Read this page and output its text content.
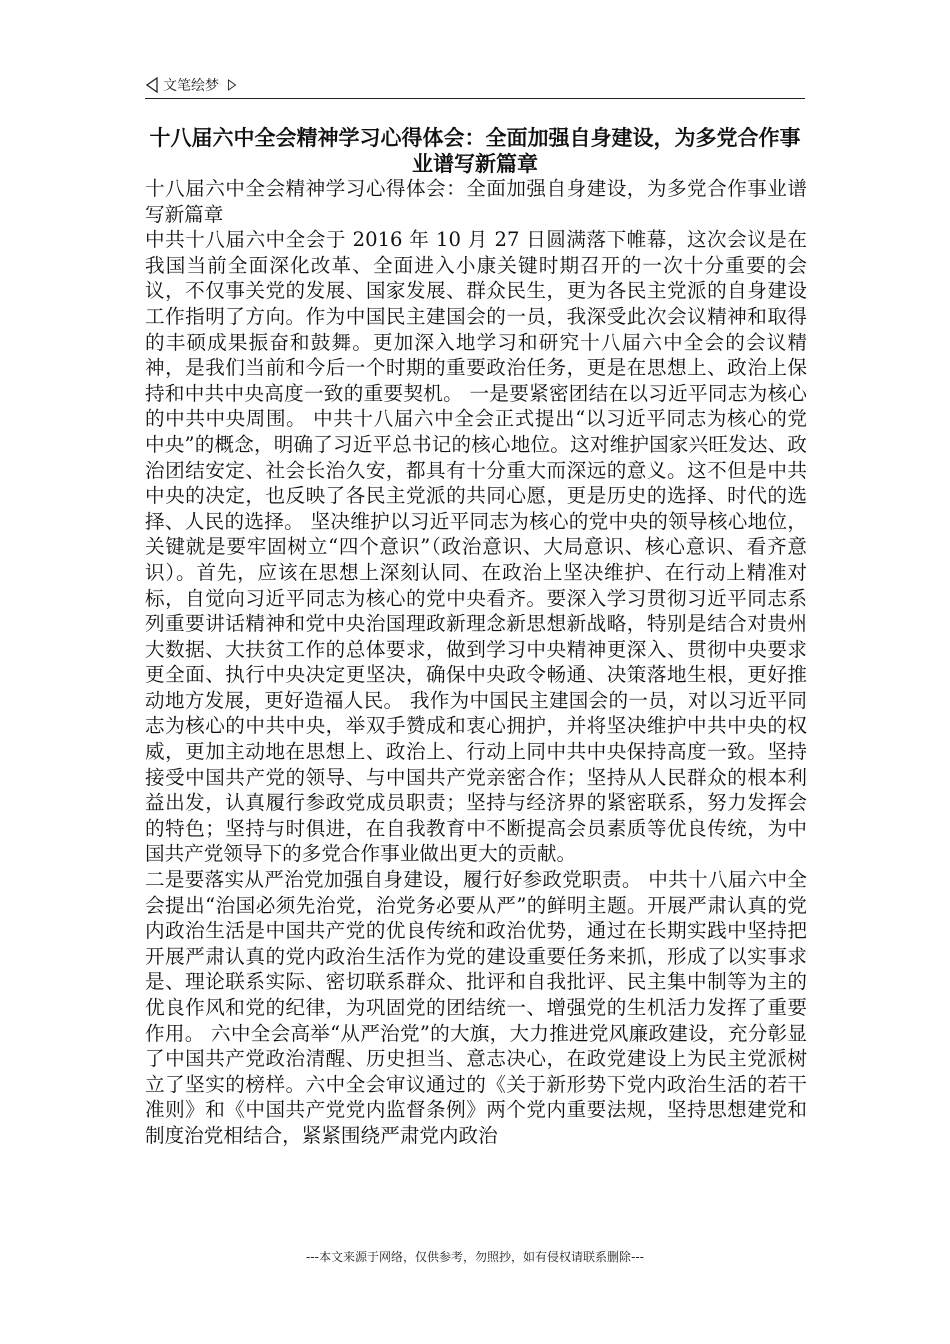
文笔绘梦
十八届六中全会精神学习心得体会：全面加强自身建设，为多党合作事业谱写新篇章

十八届六中全会精神学习心得体会：全面加强自身建设，为多党合作事业谱写新篇章

中共十八届六中全会于 2016 年 10 月 27 日圆满落下帷幕，这次会议是在我国当前全面深化改革、全面进入小康关键时期召开的一次十分重要的会议，不仅事关党的发展、国家发展、群众民生，更为各民主党派的自身建设工作指明了方向。作为中国民主建国会的一员，我深受此次会议精神和取得的丰硕成果振奋和鼓舞。更加深入地学习和研究十八届六中全会的会议精神，是我们当前和今后一个时期的重要政治任务，更是在思想上、政治上保持和中共中央高度一致的重要契机。 一是要紧密团结在以习近平同志为核心的中共中央周围。 中共十八届六中全会正式提出“以习近平同志为核心的党中央”的概念，明确了习近平总书记的核心地位。这对维护国家兴旺发达、政治团结安定、社会长治久安，都具有十分重大而深远的意义。这不但是中共中央的决定，也反映了各民主党派的共同心愿，更是历史的选择、时代的选择、人民的选择。 坚决维护以习近平同志为核心的党中央的领导核心地位，关键就是要牢固树立“四个意识”（政治意识、大局意识、核心意识、看齐意识）。首先，应该在思想上深刻认同、在政治上坚决维护、在行动上精准对标，自觉向习近平同志为核心的党中央看齐。要深入学习贯彻习近平同志系列重要讲话精神和党中央治国理政新理念新思想新战略，特别是结合对贵州大数据、大扶贫工作的总体要求，做到学习中央精神更深入、贯彻中央要求更全面、执行中央决定更坚决，确保中央政令畅通、决策落地生根，更好推动地方发展，更好造福人民。 我作为中国民主建国会的一员，对以习近平同志为核心的中共中央，举双手赞成和衷心拥护，并将坚决维护中共中央的权威，更加主动地在思想上、政治上、行动上同中共中央保持高度一致。坚持接受中国共产党的领导、与中国共产党亲密合作；坚持从人民群众的根本利益出发，认真履行参政党成员职责；坚持与经济界的紧密联系，努力发挥会的特色；坚持与时俱进，在自我教育中不断提高会员素质等优良传统，为中国共产党领导下的多党合作事业做出更大的贡献。

二是要落实从严治党加强自身建设，履行好参政党职责。 中共十八届六中全会提出“治国必须先治党，治党务必要从严”的鲜明主题。开展严肃认真的党内政治生活是中国共产党的优良传统和政治优势，通过在长期实践中坚持把开展严肃认真的党内政治生活作为党的建设重要任务来抓，形成了以实事求是、理论联系实际、密切联系群众、批评和自我批评、民主集中制等为主的优良作风和党的纪律，为巩固党的团结统一、增强党的生机活力发挥了重要作用。 六中全会高举“从严治党”的大旗，大力推进党风廉政建设，充分彰显了中国共产党政治清醒、历史担当、意志决心，在政党建设上为民主党派树立了坚实的榜样。六中全会审议通过的《关于新形势下党内政治生活的若干准则》和《中国共产党党内监督条例》两个党内重要法规，坚持思想建党和制度治党相结合，紧紧围绕严肃党内政治

---本文来源于网络，仅供参考，勿照抄，如有侵权请联系删除---
